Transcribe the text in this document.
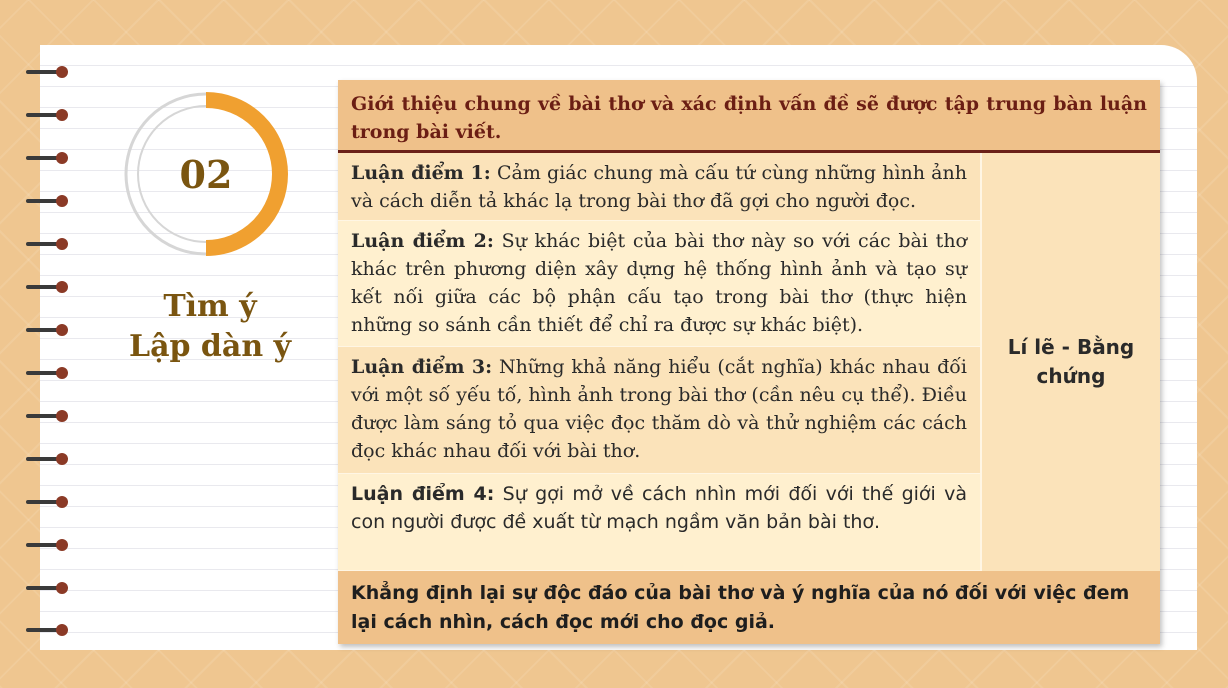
02
Tìm ý
Lập dàn ý
Giới thiệu chung về bài thơ và xác định vấn đề sẽ được tập trung bàn luận trong bài viết.
Luận điểm 1: Cảm giác chung mà cấu tứ cùng những hình ảnh và cách diễn tả khác lạ trong bài thơ đã gợi cho người đọc.
Luận điểm 2: Sự khác biệt của bài thơ này so với các bài thơ khác trên phương diện xây dựng hệ thống hình ảnh và tạo sự kết nối giữa các bộ phận cấu tạo trong bài thơ (thực hiện những so sánh cần thiết để chỉ ra được sự khác biệt).
Luận điểm 3: Những khả năng hiểu (cắt nghĩa) khác nhau đối với một số yếu tố, hình ảnh trong bài thơ (cần nêu cụ thể). Điều được làm sáng tỏ qua việc đọc thăm dò và thử nghiệm các cách đọc khác nhau đối với bài thơ.
Luận điểm 4: Sự gợi mở về cách nhìn mới đối với thế giới và con người được đề xuất từ mạch ngầm văn bản bài thơ.
Lí lẽ - Bằng chứng
Khẳng định lại sự độc đáo của bài thơ và ý nghĩa của nó đối với việc đem lại cách nhìn, cách đọc mới cho đọc giả.
